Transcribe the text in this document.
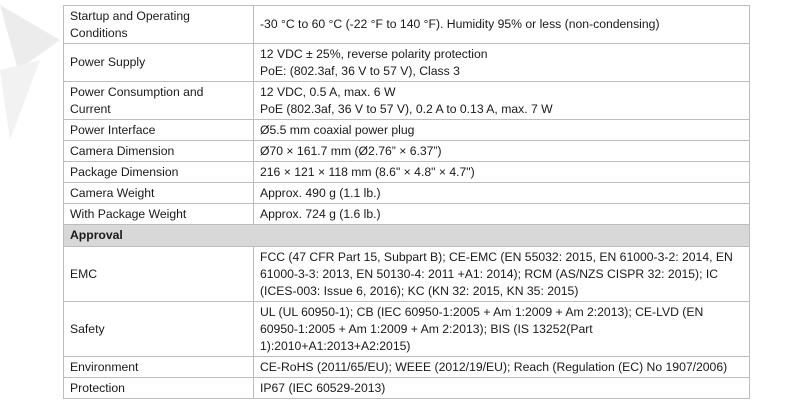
Startup and Operating Conditions	-30 °C to 60 °C (-22 °F to 140 °F). Humidity 95% or less (non-condensing)

Power Supply	12 VDC ± 25%, reverse polarity protection
PoE: (802.3af, 36 V to 57 V), Class 3

Power Consumption and Current	12 VDC, 0.5 A, max. 6 W
PoE (802.3af, 36 V to 57 V), 0.2 A to 0.13 A, max. 7 W

Power Interface	Ø5.5 mm coaxial power plug

Camera Dimension	Ø70 × 161.7 mm (Ø2.76” × 6.37”)

Package Dimension	216 × 121 × 118 mm (8.6" × 4.8" × 4.7")

Camera Weight	Approx. 490 g (1.1 lb.)

With Package Weight	Approx. 724 g (1.6 lb.)

Approval	
EMC	FCC (47 CFR Part 15, Subpart B); CE-EMC (EN 55032: 2015, EN 61000-3-2: 2014, EN 61000-3-3: 2013, EN 50130-4: 2011 +A1: 2014); RCM (AS/NZS CISPR 32: 2015); IC (ICES-003: Issue 6, 2016); KC (KN 32: 2015, KN 35: 2015)

Safety	UL (UL 60950-1); CB (IEC 60950-1:2005 + Am 1:2009 + Am 2:2013); CE-LVD (EN 60950-1:2005 + Am 1:2009 + Am 2:2013); BIS (IS 13252(Part 1):2010+A1:2013+A2:2015)

Environment	CE-RoHS (2011/65/EU); WEEE (2012/19/EU); Reach (Regulation (EC) No 1907/2006)

Protection	IP67 (IEC 60529-2013)
